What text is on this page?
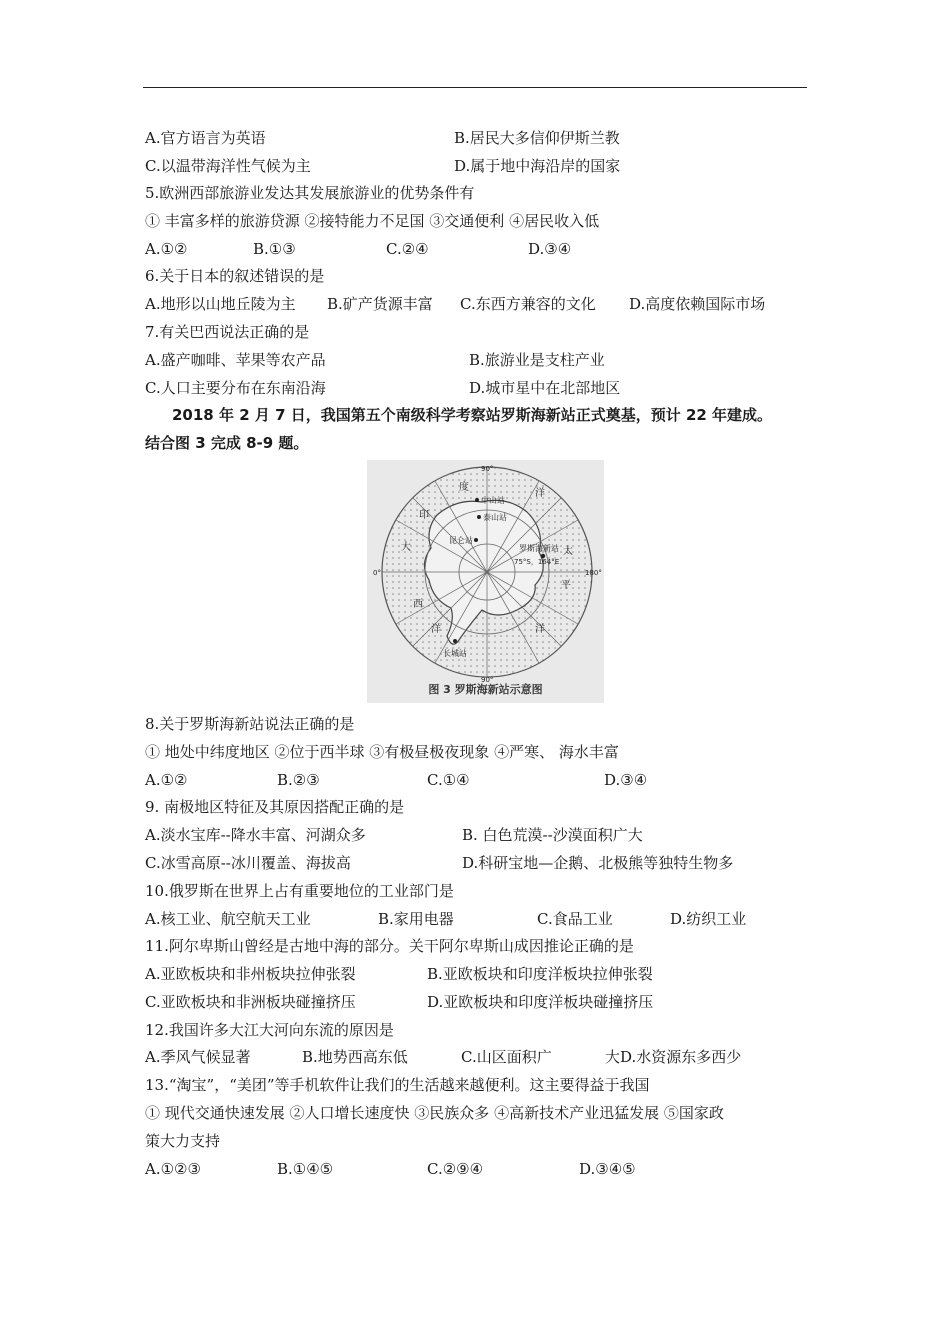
A.官方语言为英语	B.居民大多信仰伊斯兰教
C.以温带海洋性气候为主	D.属于地中海沿岸的国家
5.欧洲西部旅游业发达其发展旅游业的优势条件有
① 丰富多样的旅游贷源 ②接特能力不足国 ③交通便利 ④居民收入低
A.①②	B.①③	C.②④	D.③④
6.关于日本的叙述错误的是
A.地形以山地丘陵为主 B.矿产货源丰富 C.东西方兼容的文化 D.高度依赖国际市场
7.有关巴西说法正确的是
A.盛产咖啡、苹果等农产品	B.旅游业是支柱产业
C.人口主要分布在东南沿海	D.城市星中在北部地区
2018 年 2 月 7 日，我国第五个南级科学考察站罗斯海新站正式奠基，预计 22 年建成。
结合图 3 完成 8-9 题。
中山站
泰山站
昆仑站
罗斯海新站
75°S，164°E
长城站
0°	180°
90°
90°
印
度
大
西
洋
太
平
洋
洋
图 3 罗斯海新站示意图
8.关于罗斯海新站说法正确的是
① 地处中纬度地区 ②位于西半球 ③有极昼极夜现象 ④严寒、 海水丰富
A.①②	B.②③	C.①④	D.③④
9. 南极地区特征及其原因搭配正确的是
A.淡水宝库--降水丰富、河湖众多	B. 白色荒漠--沙漠面积广大
C.冰雪高原--冰川覆盖、海拔高	D.科研宝地—企鹅、北极熊等独特生物多
10.俄罗斯在世界上占有重要地位的工业部门是
A.核工业、航空航天工业	B.家用电器	C.食品工业	D.纺织工业
11.阿尔卑斯山曾经是古地中海的部分。关干阿尔卑斯山成因推论正确的是
A.亚欧板块和非州板块拉伸张裂	B.亚欧板块和印度洋板块拉伸张裂
C.亚欧板块和非洲板块碰撞挤压	D.亚欧板块和印度洋板块碰撞挤压
12.我国许多大江大河向东流的原因是
A.季风气候显著	B.地势西高东低	C.山区面积广	大D.水资源东多西少
13.“淘宝”，“美团”等手机软件让我们的生活越来越便利。这主要得益于我国
① 现代交通快速发展 ②人口增长速度快 ③民族众多 ④高新技术产业迅猛发展 ⑤国家政
策大力支持
A.①②③	B.①④⑤	C.②⑨④	D.③④⑤
